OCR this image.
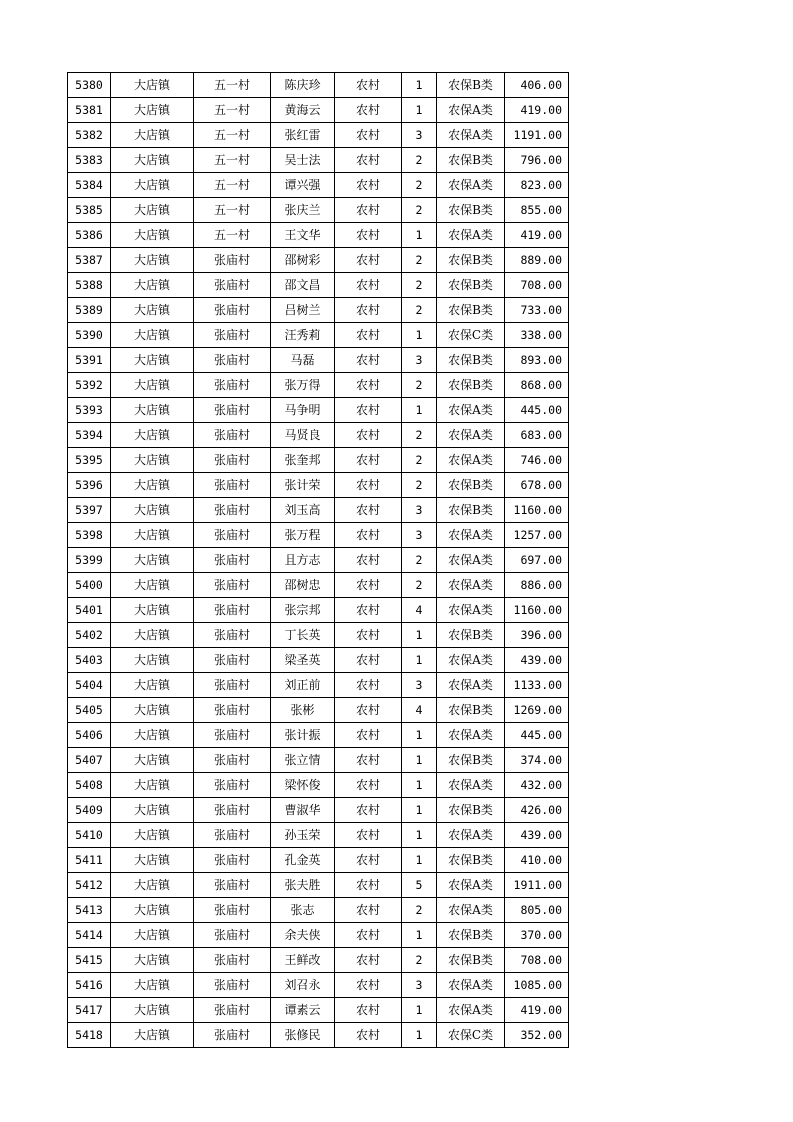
5380	大店镇	五一村	陈庆珍	农村	1	农保B类	406.00
5381	大店镇	五一村	黄海云	农村	1	农保A类	419.00
5382	大店镇	五一村	张红雷	农村	3	农保A类	1191.00
5383	大店镇	五一村	吴士法	农村	2	农保B类	796.00
5384	大店镇	五一村	谭兴强	农村	2	农保A类	823.00
5385	大店镇	五一村	张庆兰	农村	2	农保B类	855.00
5386	大店镇	五一村	王文华	农村	1	农保A类	419.00
5387	大店镇	张庙村	邵树彩	农村	2	农保B类	889.00
5388	大店镇	张庙村	邵文昌	农村	2	农保B类	708.00
5389	大店镇	张庙村	吕树兰	农村	2	农保B类	733.00
5390	大店镇	张庙村	汪秀莉	农村	1	农保C类	338.00
5391	大店镇	张庙村	马磊	农村	3	农保B类	893.00
5392	大店镇	张庙村	张万得	农村	2	农保B类	868.00
5393	大店镇	张庙村	马争明	农村	1	农保A类	445.00
5394	大店镇	张庙村	马贤良	农村	2	农保A类	683.00
5395	大店镇	张庙村	张奎邦	农村	2	农保A类	746.00
5396	大店镇	张庙村	张计荣	农村	2	农保B类	678.00
5397	大店镇	张庙村	刘玉高	农村	3	农保B类	1160.00
5398	大店镇	张庙村	张万程	农村	3	农保A类	1257.00
5399	大店镇	张庙村	且方志	农村	2	农保A类	697.00
5400	大店镇	张庙村	邵树忠	农村	2	农保A类	886.00
5401	大店镇	张庙村	张宗邦	农村	4	农保A类	1160.00
5402	大店镇	张庙村	丁长英	农村	1	农保B类	396.00
5403	大店镇	张庙村	梁圣英	农村	1	农保A类	439.00
5404	大店镇	张庙村	刘正前	农村	3	农保A类	1133.00
5405	大店镇	张庙村	张彬	农村	4	农保B类	1269.00
5406	大店镇	张庙村	张计振	农村	1	农保A类	445.00
5407	大店镇	张庙村	张立情	农村	1	农保B类	374.00
5408	大店镇	张庙村	梁怀俊	农村	1	农保A类	432.00
5409	大店镇	张庙村	曹淑华	农村	1	农保B类	426.00
5410	大店镇	张庙村	孙玉荣	农村	1	农保A类	439.00
5411	大店镇	张庙村	孔金英	农村	1	农保B类	410.00
5412	大店镇	张庙村	张夫胜	农村	5	农保A类	1911.00
5413	大店镇	张庙村	张志	农村	2	农保A类	805.00
5414	大店镇	张庙村	余夫侠	农村	1	农保B类	370.00
5415	大店镇	张庙村	王鲜改	农村	2	农保B类	708.00
5416	大店镇	张庙村	刘召永	农村	3	农保A类	1085.00
5417	大店镇	张庙村	谭素云	农村	1	农保A类	419.00
5418	大店镇	张庙村	张修民	农村	1	农保C类	352.00
